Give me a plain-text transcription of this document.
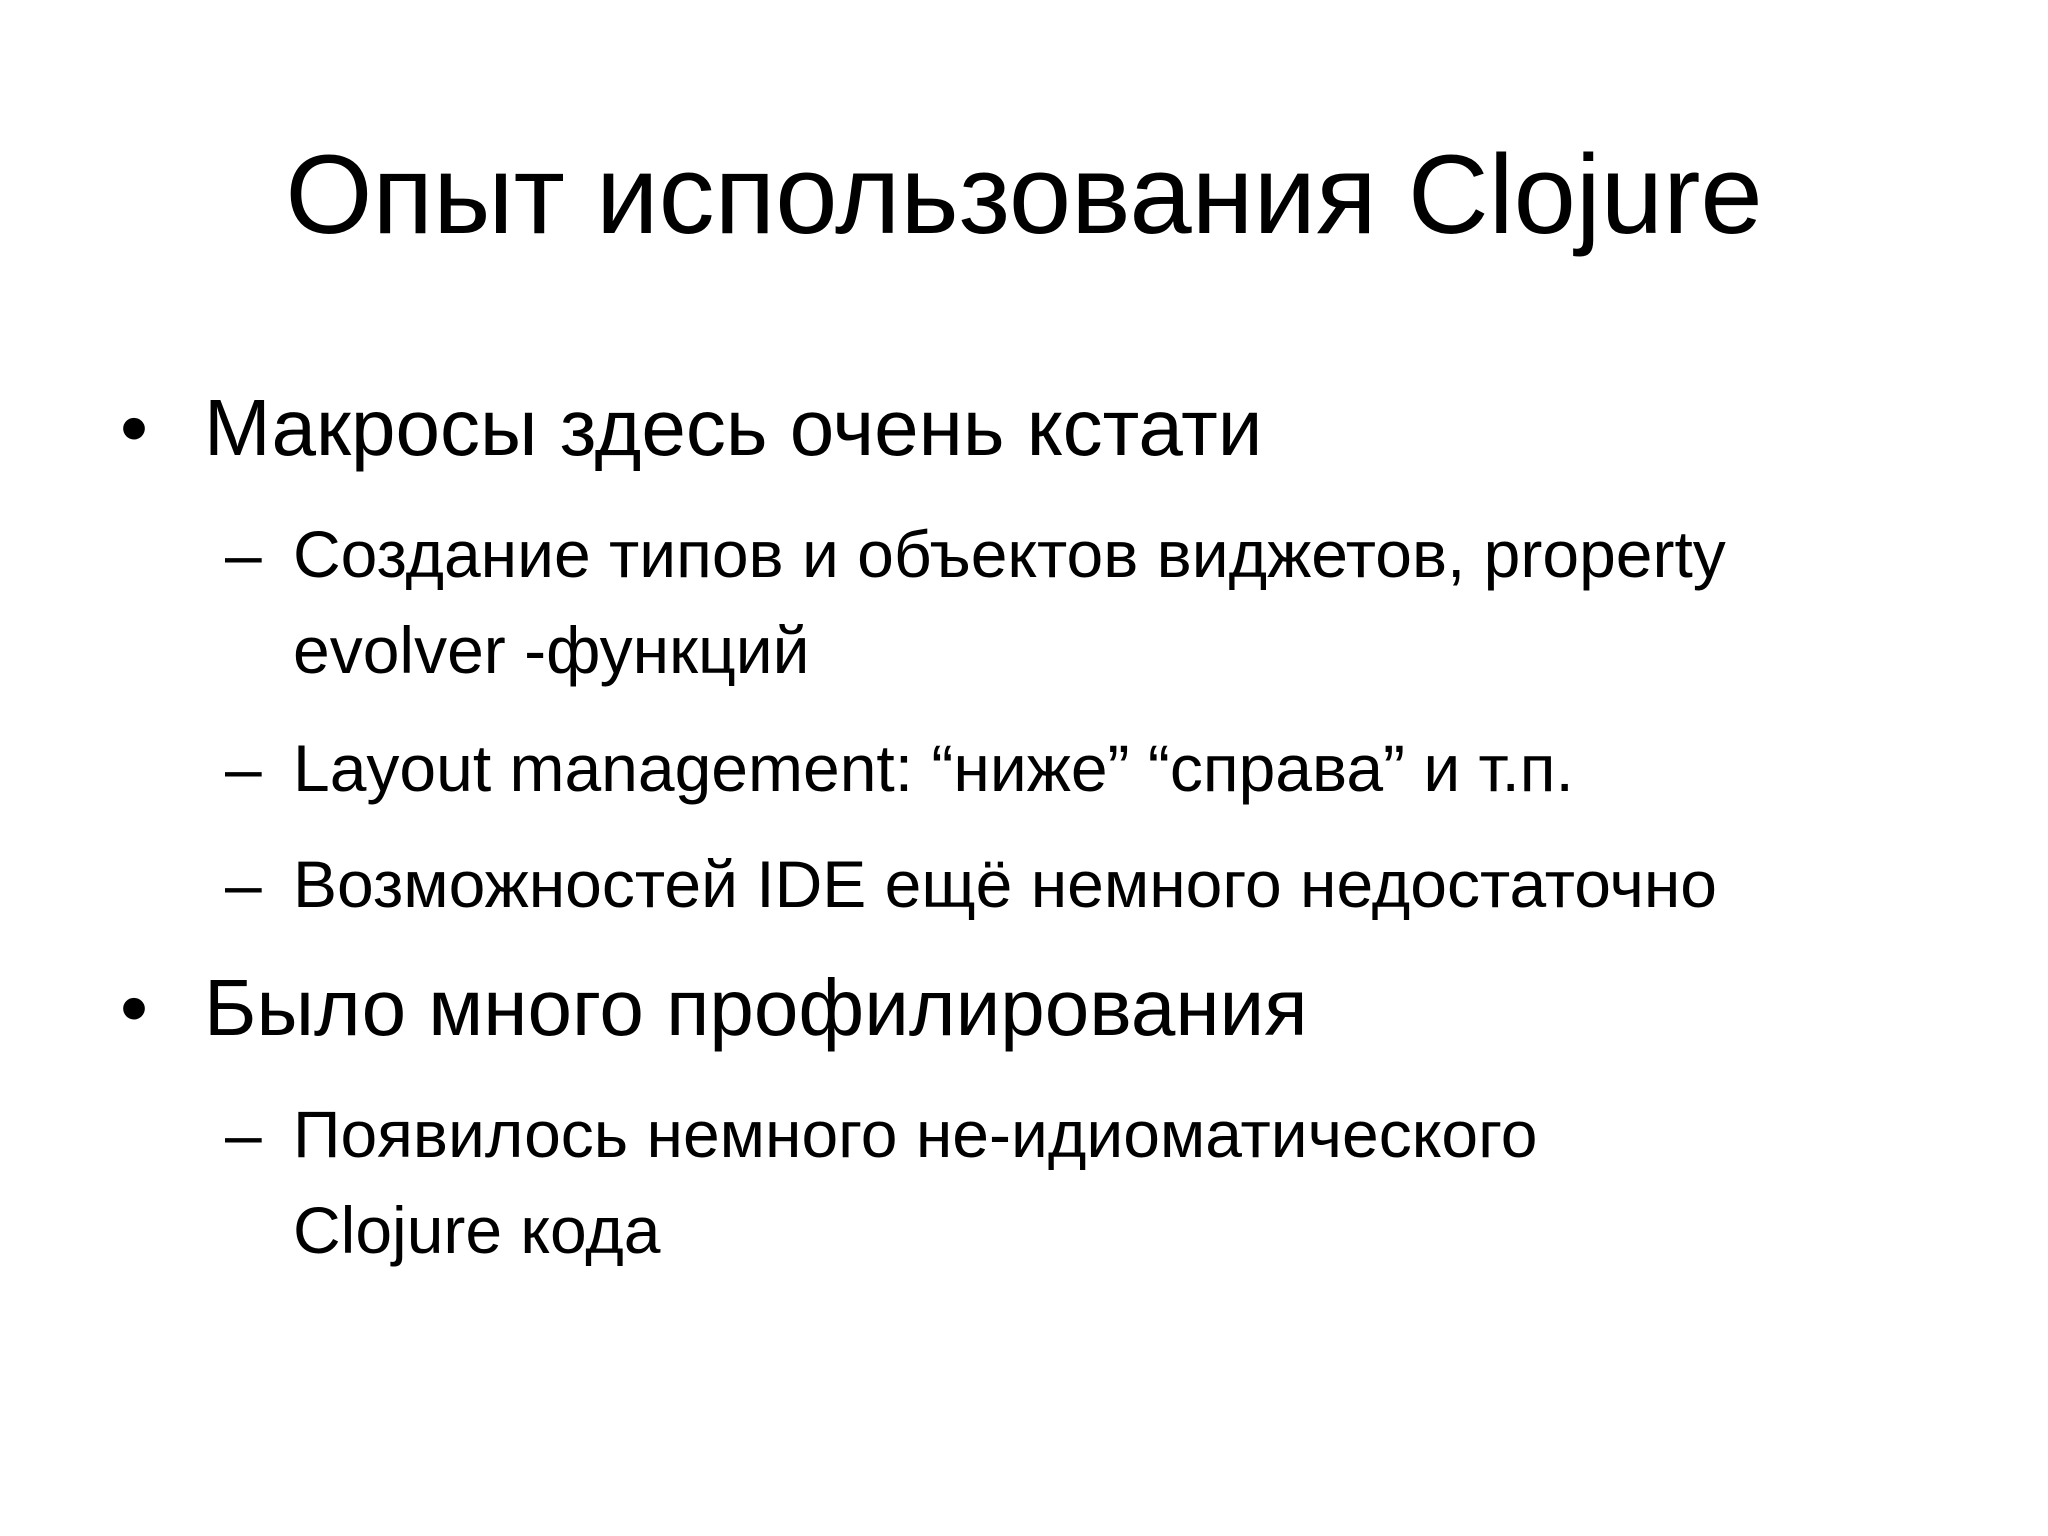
Опыт использования Clojure
• Макросы здесь очень кстати
– Создание типов и объектов виджетов, property
evolver -функций
– Layout management: “ниже” “справа” и т.п.
– Возможностей IDE ещё немного недостаточно
• Было много профилирования
– Появилось немного не-идиоматического
Clojure кода
